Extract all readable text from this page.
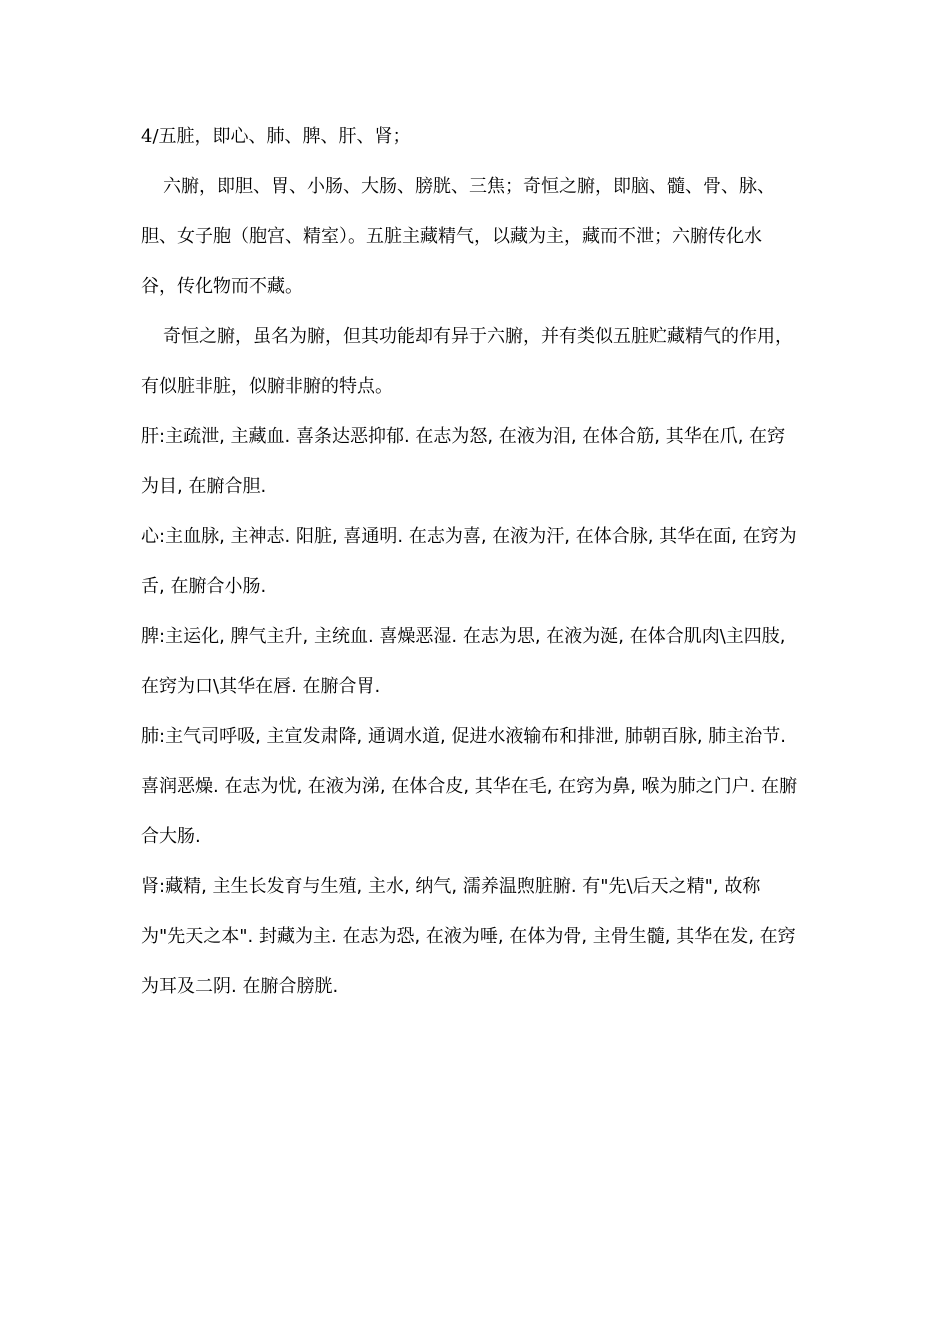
4/五脏，即心、肺、脾、肝、肾；
六腑，即胆、胃、小肠、大肠、膀胱、三焦；奇恒之腑，即脑、髓、骨、脉、
胆、女子胞（胞宫、精室）。五脏主藏精气，以藏为主，藏而不泄；六腑传化水
谷，传化物而不藏。
奇恒之腑，虽名为腑，但其功能却有异于六腑，并有类似五脏贮藏精气的作用，
有似脏非脏，似腑非腑的特点。
肝:主疏泄, 主藏血. 喜条达恶抑郁. 在志为怒, 在液为泪, 在体合筋, 其华在爪, 在窍
为目, 在腑合胆.
心:主血脉, 主神志. 阳脏, 喜通明. 在志为喜, 在液为汗, 在体合脉, 其华在面, 在窍为
舌, 在腑合小肠.
脾:主运化, 脾气主升, 主统血. 喜燥恶湿. 在志为思, 在液为涎, 在体合肌肉\主四肢,
在窍为口\其华在唇. 在腑合胃.
肺:主气司呼吸, 主宣发肃降, 通调水道, 促进水液输布和排泄, 肺朝百脉, 肺主治节.
喜润恶燥. 在志为忧, 在液为涕, 在体合皮, 其华在毛, 在窍为鼻, 喉为肺之门户. 在腑
合大肠.
肾:藏精, 主生长发育与生殖, 主水, 纳气, 濡养温煦脏腑. 有"先\后天之精", 故称
为"先天之本". 封藏为主. 在志为恐, 在液为唾, 在体为骨, 主骨生髓, 其华在发, 在窍
为耳及二阴. 在腑合膀胱.
